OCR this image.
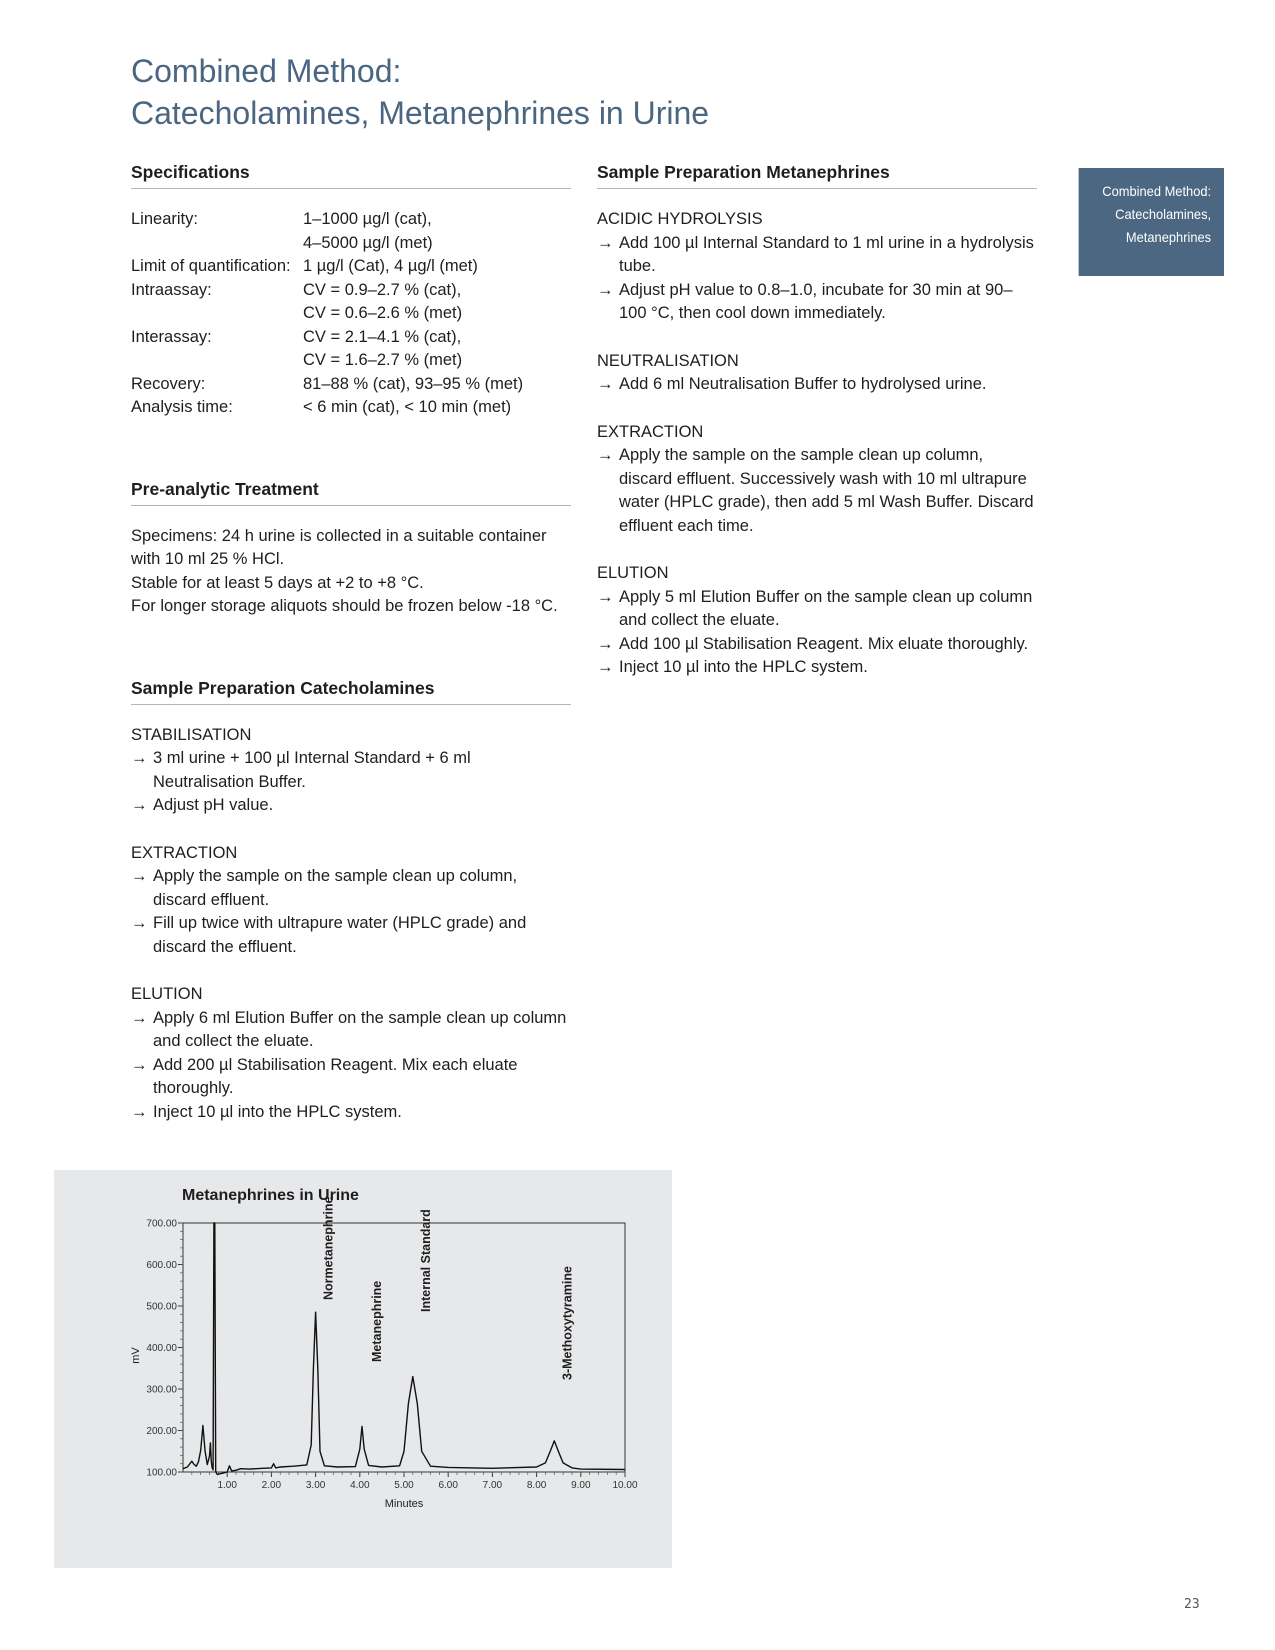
Combined Method:
Catecholamines, Metanephrines in Urine
Specifications
Linearity:	1–1000 µg/l (cat),
4–5000 µg/l (met)
Limit of quantification: 1 µg/l (Cat), 4 µg/l (met)
Intraassay:	CV = 0.9–2.7 % (cat),
CV = 0.6–2.6 % (met)
Interassay:	CV = 2.1–4.1 % (cat),
CV = 1.6–2.7 % (met)
Recovery:	81–88 % (cat), 93–95 % (met)
Analysis time:	< 6 min (cat), < 10 min (met)
Pre-analytic Treatment
Specimens: 24 h urine is collected in a suitable container
with 10 ml 25 % HCl.
Stable for at least 5 days at +2 to +8 °C.
For longer storage aliquots should be frozen below -18 °C.
Sample Preparation Catecholamines
STABILISATION
→ 3 ml urine + 100 µl Internal Standard + 6 ml Neutralisation Buffer.
→ Adjust pH value.
EXTRACTION
→ Apply the sample on the sample clean up column, discard effluent.
→ Fill up twice with ultrapure water (HPLC grade) and discard the effluent.
ELUTION
→ Apply 6 ml Elution Buffer on the sample clean up column and collect the eluate.
→ Add 200 µl Stabilisation Reagent. Mix each eluate thoroughly.
→ Inject 10 µl into the HPLC system.
Sample Preparation Metanephrines
ACIDIC HYDROLYSIS
→ Add 100 µl Internal Standard to 1 ml urine in a hydrolysis tube.
→ Adjust pH value to 0.8–1.0, incubate for 30 min at 90–100 °C, then cool down immediately.
NEUTRALISATION
→ Add 6 ml Neutralisation Buffer to hydrolysed urine.
EXTRACTION
→ Apply the sample on the sample clean up column, discard effluent. Successively wash with 10 ml ultrapure water (HPLC grade), then add 5 ml Wash Buffer. Discard effluent each time.
ELUTION
→ Apply 5 ml Elution Buffer on the sample clean up column and collect the eluate.
→ Add 100 µl Stabilisation Reagent. Mix eluate thoroughly.
→ Inject 10 µl into the HPLC system.
Combined Method:
Catecholamines,
Metanephrines
Metanephrines in Urine
100.00
200.00
300.00
400.00
500.00
600.00
700.00
1.00 2.00 3.00 4.00 5.00 6.00 7.00 8.00 9.00 10.00
Minutes
mV
Normetanephrine
Metanephrine
Internal Standard
3-Methoxytyramine
23
